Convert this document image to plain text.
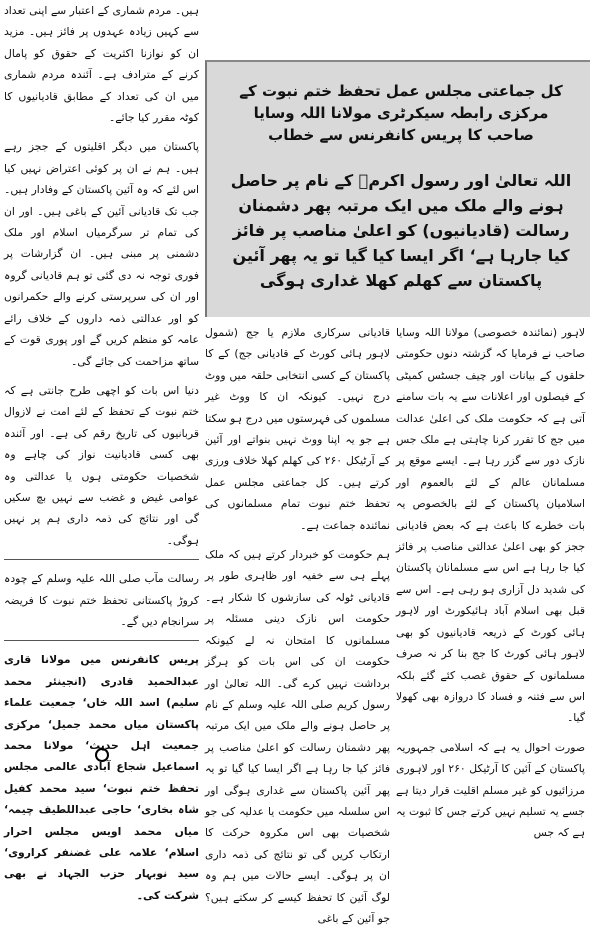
ہیں۔ مردم شماری کے اعتبار سے اپنی تعداد سے کہیں زیادہ عہدوں پر فائز ہیں۔ مزید ان کو نوازنا اکثریت کے حقوق کو پامال کرنے کے مترادف ہے۔ آئندہ مردم شماری میں ان کی تعداد کے مطابق قادیانیوں کا کوٹہ مقرر کیا جائے۔

پاکستان میں دیگر اقلیتوں کے ججز رہے ہیں۔ ہم نے ان پر کوئی اعتراض نہیں کیا اس لئے کہ وہ آئین پاکستان کے وفادار ہیں۔ جب تک قادیانی آئین کے باغی ہیں۔ اور ان کی تمام تر سرگرمیاں اسلام اور ملک دشمنی پر مبنی ہیں۔ ان گزارشات پر فوری توجہ نہ دی گئی تو ہم قادیانی گروہ اور ان کی سرپرستی کرنے والے حکمرانوں کو اور عدالتی ذمہ داروں کے خلاف رائے عامہ کو منظم کریں گے اور پوری قوت کے ساتھ مزاحمت کی جائے گی۔

دنیا اس بات کو اچھی طرح جانتی ہے کہ ختم نبوت کے تحفظ کے لئے امت نے لازوال قربانیوں کی تاریخ رقم کی ہے۔ اور آئندہ بھی کسی قادیانیت نواز کی چاہے وہ شخصیات حکومتی ہوں یا عدالتی وہ عوامی غیض و غضب سے نہیں بچ سکیں گی اور نتائج کی ذمہ داری ہم پر نہیں ہوگی۔

رسالت مآب صلی اللہ علیہ وسلم کے چودہ کروڑ پاکستانی تحفظ ختم نبوت کا فریضہ سرانجام دیں گے۔

پریس کانفرنس میں مولانا قاری عبدالحمید قادری (انجینئر محمد سلیم) اسد اللہ خاں‘ جمعیت علماء پاکستان میاں محمد جمیل‘ مرکزی جمعیت اہل حدیث‘ مولانا محمد اسماعیل شجاع آبادی عالمی مجلس تحفظ ختم نبوت‘ سید محمد کفیل شاہ بخاری‘ حاجی عبداللطیف چیمہ‘ میاں محمد اویس مجلس احرار اسلام‘ علامہ علی غضنفر کراروی‘ سید نوبہار حزب الجہاد نے بھی شرکت کی۔

کل جماعتی مجلس عمل تحفظ ختم نبوت کے مرکزی رابطہ سیکرٹری مولانا اللہ وسایا صاحب کا پریس کانفرنس سے خطاب
اللہ تعالیٰ اور رسول اکرمؐ کے نام پر حاصل ہونے والے ملک میں ایک مرتبہ پھر دشمنان رسالت (قادیانیوں) کو اعلیٰ مناصب پر فائز کیا جارہا ہے‘ اگر ایسا کیا گیا تو یہ پھر آئین پاکستان سے کھلم کھلا غداری ہوگی

قادیانی سرکاری ملازم یا جج (شمول لاہور ہائی کورٹ کے قادیانی جج) کے کا پاکستان کے کسی انتخابی حلقہ میں ووٹ درج نہیں۔ کیونکہ ان کا ووٹ غیر مسلموں کی فہرستوں میں درج ہو سکتا ہے جو یہ اپنا ووٹ نہیں بنواتے اور آئین کے آرٹیکل ۲۶۰ کی کھلم کھلا خلاف ورزی کرتے ہیں۔ کل جماعتی مجلس عمل تحفظ ختم نبوت تمام مسلمانوں کی نمائندہ جماعت ہے۔

ہم حکومت کو خبردار کرتے ہیں کہ ملک پہلے ہی سے خفیہ اور ظاہری طور پر قادیانی ٹولہ کی سازشوں کا شکار ہے۔ حکومت اس نازک دینی مسئلہ پر مسلمانوں کا امتحان نہ لے کیونکہ حکومت ان کی اس بات کو ہرگز برداشت نہیں کرے گی۔ اللہ تعالیٰ اور رسول کریم صلی اللہ علیہ وسلم کے نام پر حاصل ہونے والے ملک میں ایک مرتبہ پھر دشمنان رسالت کو اعلیٰ مناصب پر فائز کیا جا رہا ہے اگر ایسا کیا گیا تو یہ پھر آئین پاکستان سے غداری ہوگی اور اس سلسلہ میں حکومت یا عدلیہ کی جو شخصیات بھی اس مکروہ حرکت کا ارتکاب کریں گی تو نتائج کی ذمہ داری ان پر ہوگی۔ ایسے حالات میں ہم وہ لوگ آئین کا تحفظ کیسے کر سکتے ہیں؟ جو آئین کے باغی

لاہور (نمائندہ خصوصی) مولانا اللہ وسایا صاحب نے فرمایا کہ گزشتہ دنوں حکومتی حلقوں کے بیانات اور چیف جسٹس کمیٹی کے فیصلوں اور اعلانات سے یہ بات سامنے آتی ہے کہ حکومت ملک کی اعلیٰ عدالت میں جج کا تقرر کرنا چاہتی ہے ملک جس نازک دور سے گزر رہا ہے۔ ایسے موقع پر مسلمانان عالم کے لئے بالعموم اور اسلامیان پاکستان کے لئے بالخصوص یہ بات خطرے کا باعث ہے کہ بعض قادیانی ججز کو بھی اعلیٰ عدالتی مناصب پر فائز کیا جا رہا ہے اس سے مسلمانان پاکستان کی شدید دل آزاری ہو رہی ہے۔ اس سے قبل بھی اسلام آباد ہائیکورٹ اور لاہور ہائی کورٹ کے ذریعہ قادیانیوں کو بھی لاہور ہائی کورٹ کا جج بنا کر نہ صرف مسلمانوں کے حقوق غصب کئے گئے بلکہ اس سے فتنہ و فساد کا دروازہ بھی کھولا گیا۔

صورت احوال یہ ہے کہ اسلامی جمہوریہ پاکستان کے آئین کا آرٹیکل ۲۶۰ اور لاہوری مرزائیوں کو غیر مسلم اقلیت قرار دیتا ہے جسے یہ تسلیم نہیں کرتے جس کا ثبوت یہ ہے کہ جس
